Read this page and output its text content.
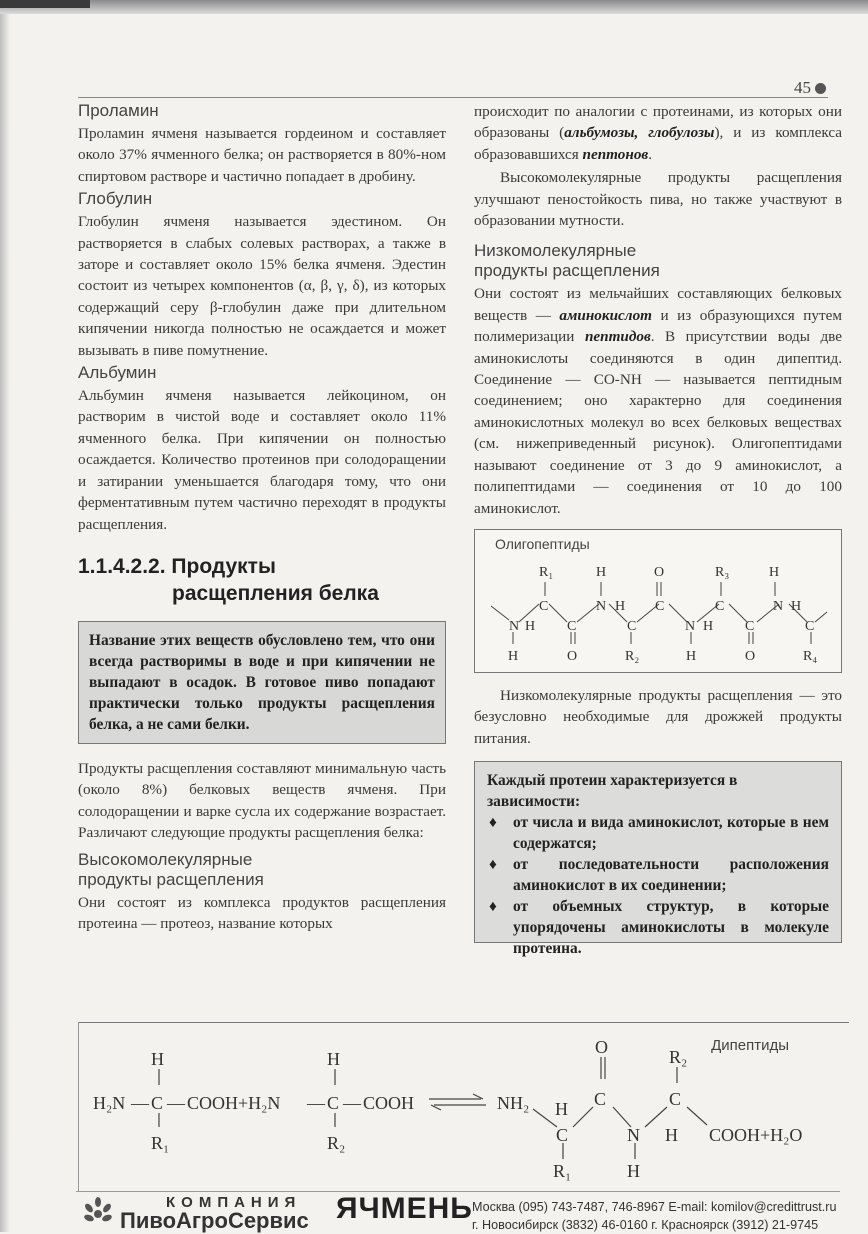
45
Проламин

Проламин ячменя называется гордеином и составляет около 37% ячменного белка; он растворяется в 80%-ном спиртовом растворе и частично попадает в дробину.

Глобулин

Глобулин ячменя называется эдестином. Он растворяется в слабых солевых растворах, а также в заторе и составляет около 15% белка ячменя. Эдестин состоит из четырех компонентов (α, β, γ, δ), из которых содержащий серу β-глобулин даже при длительном кипячении никогда полностью не осаждается и может вызывать в пиве помутнение.

Альбумин

Альбумин ячменя называется лейкоцином, он растворим в чистой воде и составляет около 11% ячменного белка. При кипячении он полностью осаждается. Количество протеинов при солодоращении и затирании уменьшается благодаря тому, что они ферментативным путем частично переходят в продукты расщепления.

1.1.4.2.2. Продукты
расщепления белка
Название этих веществ обусловлено тем, что они всегда растворимы в воде и при кипячении не выпадают в осадок. В готовое пиво попадают практически только продукты расщепления белка, а не сами белки.

Продукты расщепления составляют минимальную часть (около 8%) белковых веществ ячменя. При солодоращении и варке сусла их содержание возрастает. Различают следующие продукты расщепления белка:

Высокомолекулярные
продукты расщепления

Они состоят из комплекса продуктов расщепления протеина — протеоз, название которых

происходит по аналогии с протеинами, из которых они образованы (альбумозы, глобулозы), и из комплекса образовавшихся пептонов.

Высокомолекулярные продукты расщепления улучшают пеностойкость пива, но также участвуют в образовании мутности.

Низкомолекулярные
продукты расщепления

Они состоят из мельчайших составляющих белковых веществ — аминокислот и из образующихся путем полимеризации пептидов. В присутствии воды две аминокислоты соединяются в один дипептид. Соединение — CO-NH — называется пептидным соединением; оно характерно для соединения аминокислотных молекул во всех белковых веществах (см. нижеприведенный рисунок). Олигопептидами называют соединение от 3 до 9 аминокислот, а полипептидами — соединения от 10 до 100 аминокислот.

Олигопептиды
R₁	H	O	R₃	H
C	N	C	C	N
H	H
N H C	C	N H C	C
H	O	R₂	H	O	R₄

Низкомолекулярные продукты расщепления — это безусловно необходимые для дрожжей продукты питания.

Каждый протеин характеризуется в зависимости:
♦ от числа и вида аминокислот, которые в нем содержатся;
♦ от последовательности расположения аминокислот в их соединении;
♦ от объемных структур, в которые упорядочены аминокислоты в молекуле протеина.
Дипептиды
H	H
H₂N — C — COOH+H₂N — C — COOH
R₁	R₂
O	R₂
NH₂ H C	C
C	N H COOH+H₂O
R₁	H
КОМПАНИЯ
ПивоАгроСервис ЯЧМЕНЬ Москва (095) 743-7487, 746-8967 E-mail: komilov@credittrust.ru
г. Новосибирск (3832) 46-0160 г. Красноярск (3912) 21-9745
